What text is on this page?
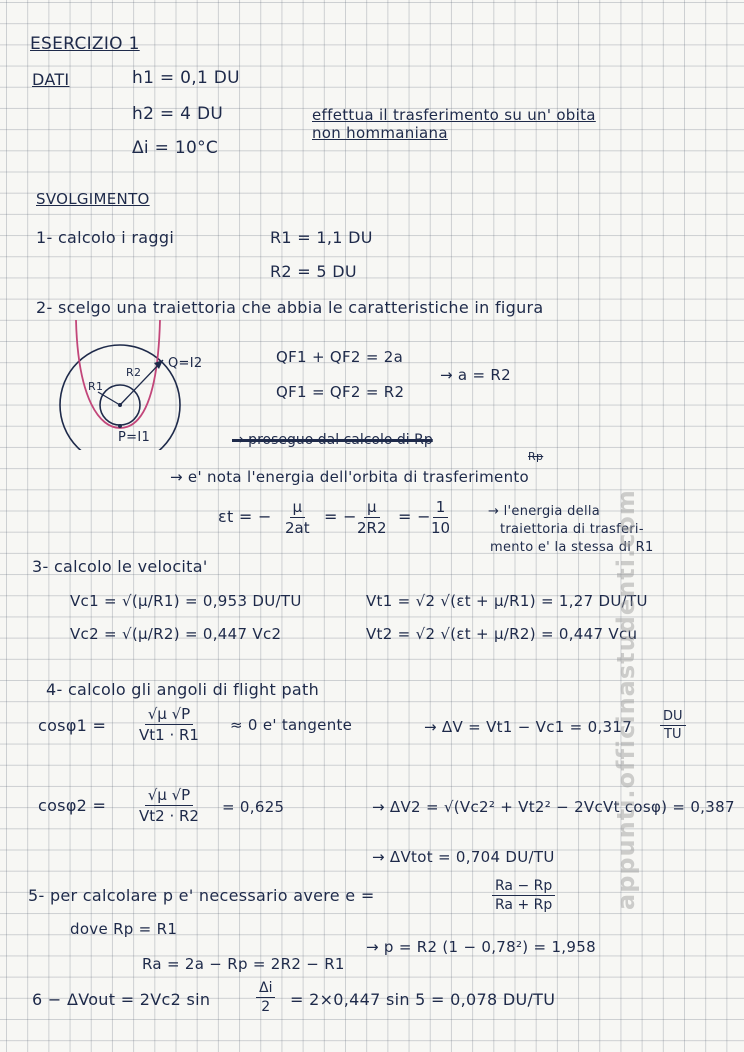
ESERCIZIO 1
DATI	h1 = 0,1 DU
h2 = 4 DU
Δi = 10°C
effettua il trasferimento su un' obita
non hommaniana
SVOLGIMENTO
1- calcolo i raggi	R1 = 1,1 DU
R2 = 5 DU
2- scelgo una traiettoria che abbia le caratteristiche in figura
Q=I2
P=I1
R1
R2
QF1 + QF2 = 2a
QF1 = QF2 = R2
→ a = R2
→ proseguo dal calcolo di Rp
Rp
→ e' nota l'energia dell'orbita di trasferimento
εt = − $\frac{\mu}{2at}$ = −
$\frac{\mu}{2R2}$ = −
$\frac{1}{10}$	→ l'energia della
traiettoria di trasferi-
mento e' la stessa di R1
3- calcolo le velocita'
Vc1 = √(μ/R1) = 0,953 DU/TU	Vt1 = √2 √(εt + μ/R1) = 1,27 DU/TU
Vc2 = √(μ/R2) = 0,447 Vc2	Vt2 = √2 √(εt + μ/R2) = 0,447 Vcu
4- calcolo gli angoli di flight path
$\cos\varphi 1 = \frac{√\mu √P}{Vt1 \cdot R1} \approx 0$ e' tangente	→ $\Delta V = Vt1 - Vc1 = 0,317 \frac{DU}{TU}$
$\cos\varphi 2 = \frac{√\mu √P}{Vt2 \cdot R2} = 0,625$	→ ΔV2 = √(Vc2² + Vt2² − 2VcVt cosφ) = 0,387
→ ΔVtot = 0,704 DU/TU
5- per calcolare p e' necessario avere e =	$\frac{Ra - Rp}{Ra + Rp}$
dove Rp = R1
Ra = 2a − Rp = 2R2 − R1
→ p = R2 (1 − 0,78²) = 1,958
6 − ΔVout = 2Vc2 sin	$\frac{\Delta i}{2} = 2\times 0,447$ sin 5 = 0,078 DU/TU
appunti.officinastudenti.com
